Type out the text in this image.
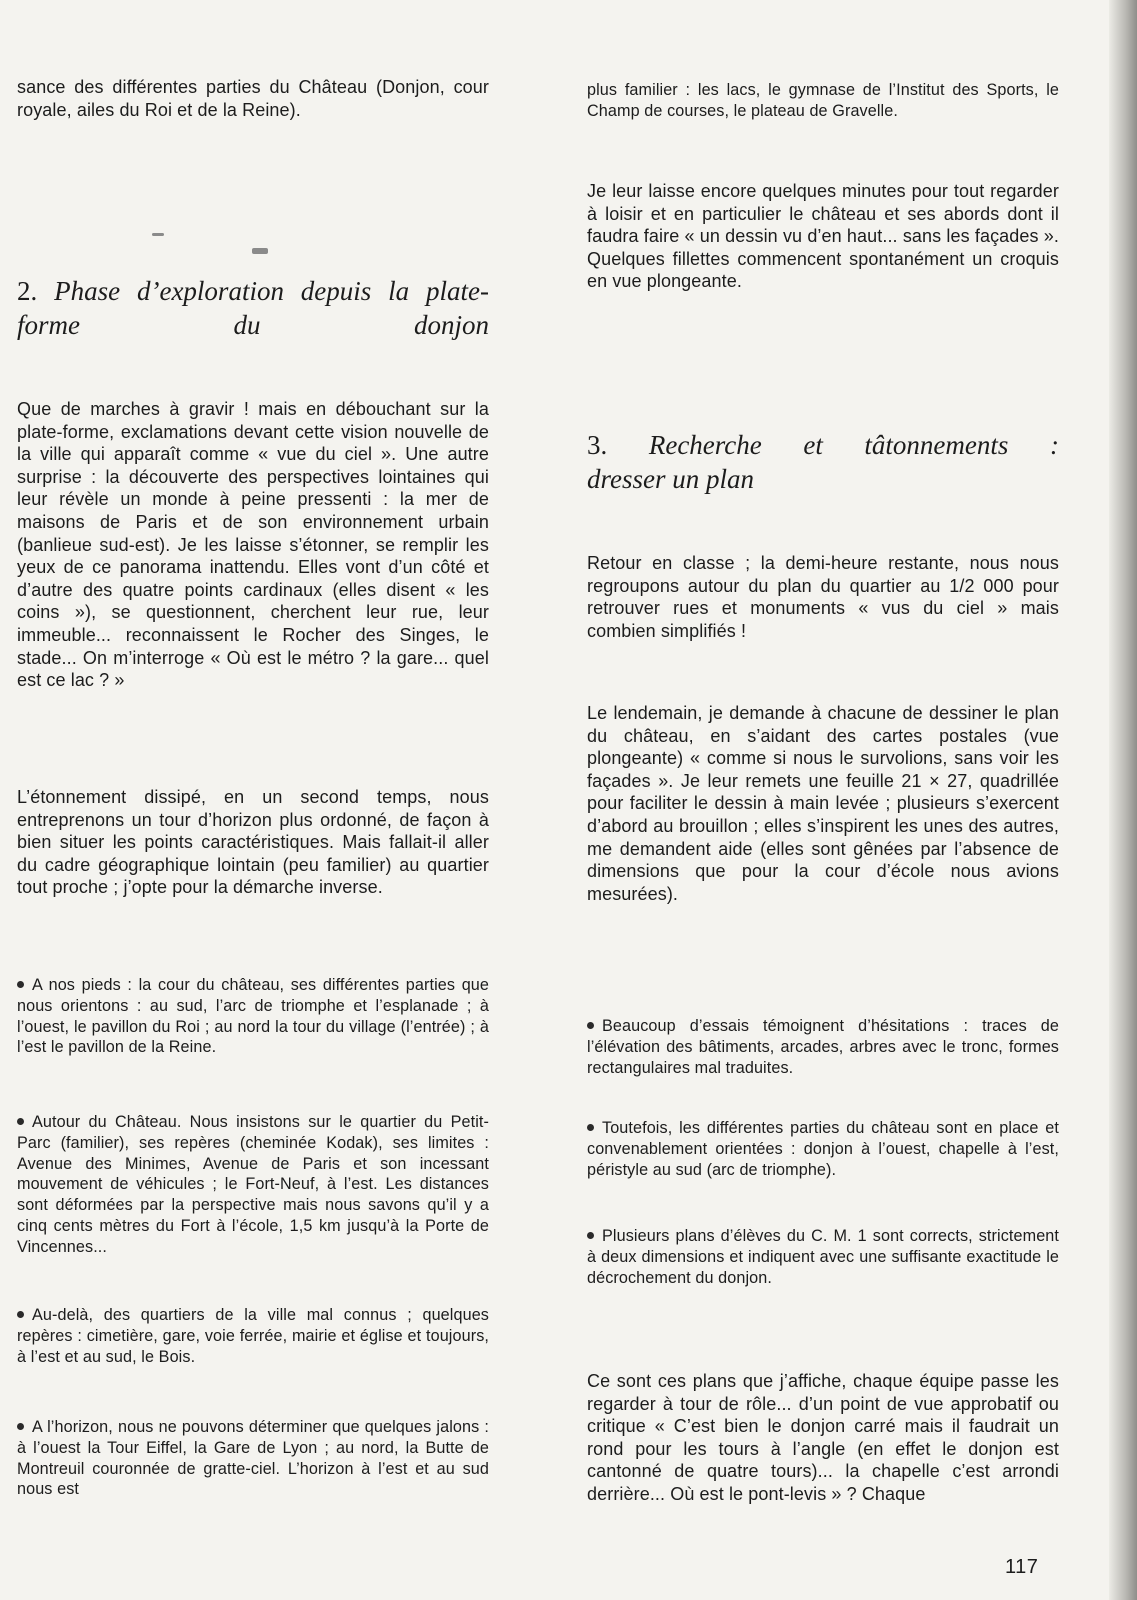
sance des différentes parties du Château (Donjon, cour royale, ailes du Roi et de la Reine).

2. Phase d’exploration depuis la plate-forme du donjon

Que de marches à gravir ! mais en débouchant sur la plate-forme, exclamations devant cette vision nouvelle de la ville qui apparaît comme « vue du ciel ». Une autre surprise : la découverte des perspectives lointaines qui leur révèle un monde à peine pressenti : la mer de maisons de Paris et de son environnement urbain (banlieue sud-est). Je les laisse s’étonner, se remplir les yeux de ce panorama inattendu. Elles vont d’un côté et d’autre des quatre points cardinaux (elles disent « les coins »), se questionnent, cherchent leur rue, leur immeuble... reconnaissent le Rocher des Singes, le stade... On m’interroge « Où est le métro ? la gare... quel est ce lac ? »

L’étonnement dissipé, en un second temps, nous entreprenons un tour d’horizon plus ordonné, de façon à bien situer les points caractéristiques. Mais fallait-il aller du cadre géographique lointain (peu familier) au quartier tout proche ; j’opte pour la démarche inverse.

A nos pieds : la cour du château, ses différentes parties que nous orientons : au sud, l’arc de triomphe et l’esplanade ; à l’ouest, le pavillon du Roi ; au nord la tour du village (l’entrée) ; à l’est le pavillon de la Reine.

Autour du Château. Nous insistons sur le quartier du Petit-Parc (familier), ses repères (cheminée Kodak), ses limites : Avenue des Minimes, Avenue de Paris et son incessant mouvement de véhicules ; le Fort-Neuf, à l’est. Les distances sont déformées par la perspective mais nous savons qu’il y a cinq cents mètres du Fort à l’école, 1,5 km jusqu’à la Porte de Vincennes...

Au-delà, des quartiers de la ville mal connus ; quelques repères : cimetière, gare, voie ferrée, mairie et église et toujours, à l’est et au sud, le Bois.

A l’horizon, nous ne pouvons déterminer que quelques jalons : à l’ouest la Tour Eiffel, la Gare de Lyon ; au nord, la Butte de Montreuil couronnée de gratte-ciel. L’horizon à l’est et au sud nous est

plus familier : les lacs, le gymnase de l’Institut des Sports, le Champ de courses, le plateau de Gravelle.

Je leur laisse encore quelques minutes pour tout regarder à loisir et en particulier le château et ses abords dont il faudra faire « un dessin vu d’en haut... sans les façades ». Quelques fillettes commencent spontanément un croquis en vue plongeante.

3. Recherche et tâtonnements :
dresser un plan

Retour en classe ; la demi-heure restante, nous nous regroupons autour du plan du quartier au 1/2 000 pour retrouver rues et monuments « vus du ciel » mais combien simplifiés !

Le lendemain, je demande à chacune de dessiner le plan du château, en s’aidant des cartes postales (vue plongeante) « comme si nous le survolions, sans voir les façades ». Je leur remets une feuille 21 × 27, quadrillée pour faciliter le dessin à main levée ; plusieurs s’exercent d’abord au brouillon ; elles s’inspirent les unes des autres, me demandent aide (elles sont gênées par l’absence de dimensions que pour la cour d’école nous avions mesurées).

Beaucoup d’essais témoignent d’hésitations : traces de l’élévation des bâtiments, arcades, arbres avec le tronc, formes rectangulaires mal traduites.

Toutefois, les différentes parties du château sont en place et convenablement orientées : donjon à l’ouest, chapelle à l’est, péristyle au sud (arc de triomphe).

Plusieurs plans d’élèves du C. M. 1 sont corrects, strictement à deux dimensions et indiquent avec une suffisante exactitude le décrochement du donjon.

Ce sont ces plans que j’affiche, chaque équipe passe les regarder à tour de rôle... d’un point de vue approbatif ou critique « C’est bien le donjon carré mais il faudrait un rond pour les tours à l’angle (en effet le donjon est cantonné de quatre tours)... la chapelle c’est arrondi derrière... Où est le pont-levis » ? Chaque

117
